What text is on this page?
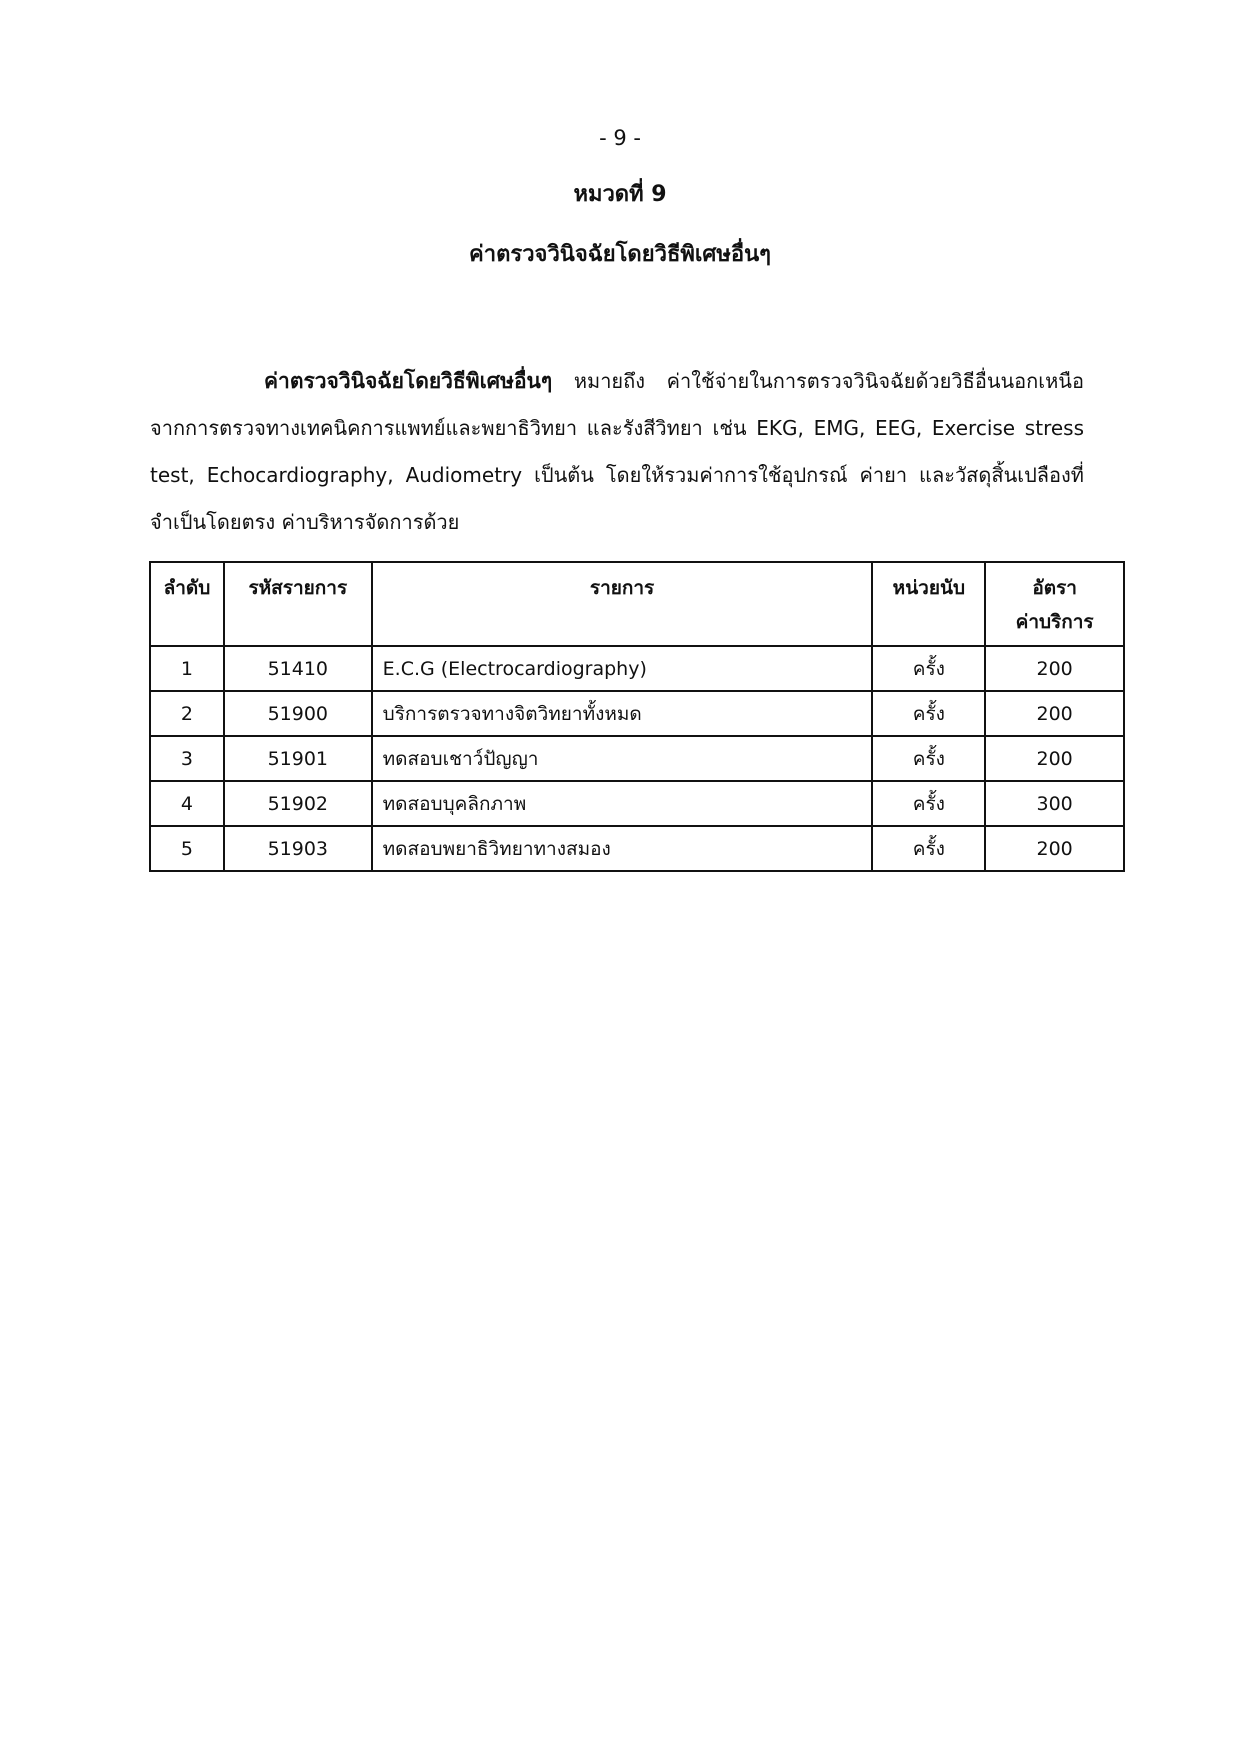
- 9 -
หมวดที่ 9
ค่าตรวจวินิจฉัยโดยวิธีพิเศษอื่นๆ

ค่าตรวจวินิจฉัยโดยวิธีพิเศษอื่นๆ หมายถึง ค่าใช้จ่ายในการตรวจวินิจฉัยด้วยวิธีอื่นนอกเหนือจากการตรวจทางเทคนิคการแพทย์และพยาธิวิทยา และรังสีวิทยา เช่น EKG, EMG, EEG, Exercise stress test, Echocardiography, Audiometry เป็นต้น โดยให้รวมค่าการใช้อุปกรณ์ ค่ายา และวัสดุสิ้นเปลืองที่จำเป็นโดยตรง ค่าบริหารจัดการด้วย

ลำดับ	รหัสรายการ	รายการ	หน่วยนับ	อัตรา
ค่าบริการ
1	51410	E.C.G (Electrocardiography)	ครั้ง	200
2	51900	บริการตรวจทางจิตวิทยาทั้งหมด	ครั้ง	200
3	51901	ทดสอบเชาว์ปัญญา	ครั้ง	200
4	51902	ทดสอบบุคลิกภาพ	ครั้ง	300
5	51903	ทดสอบพยาธิวิทยาทางสมอง	ครั้ง	200
